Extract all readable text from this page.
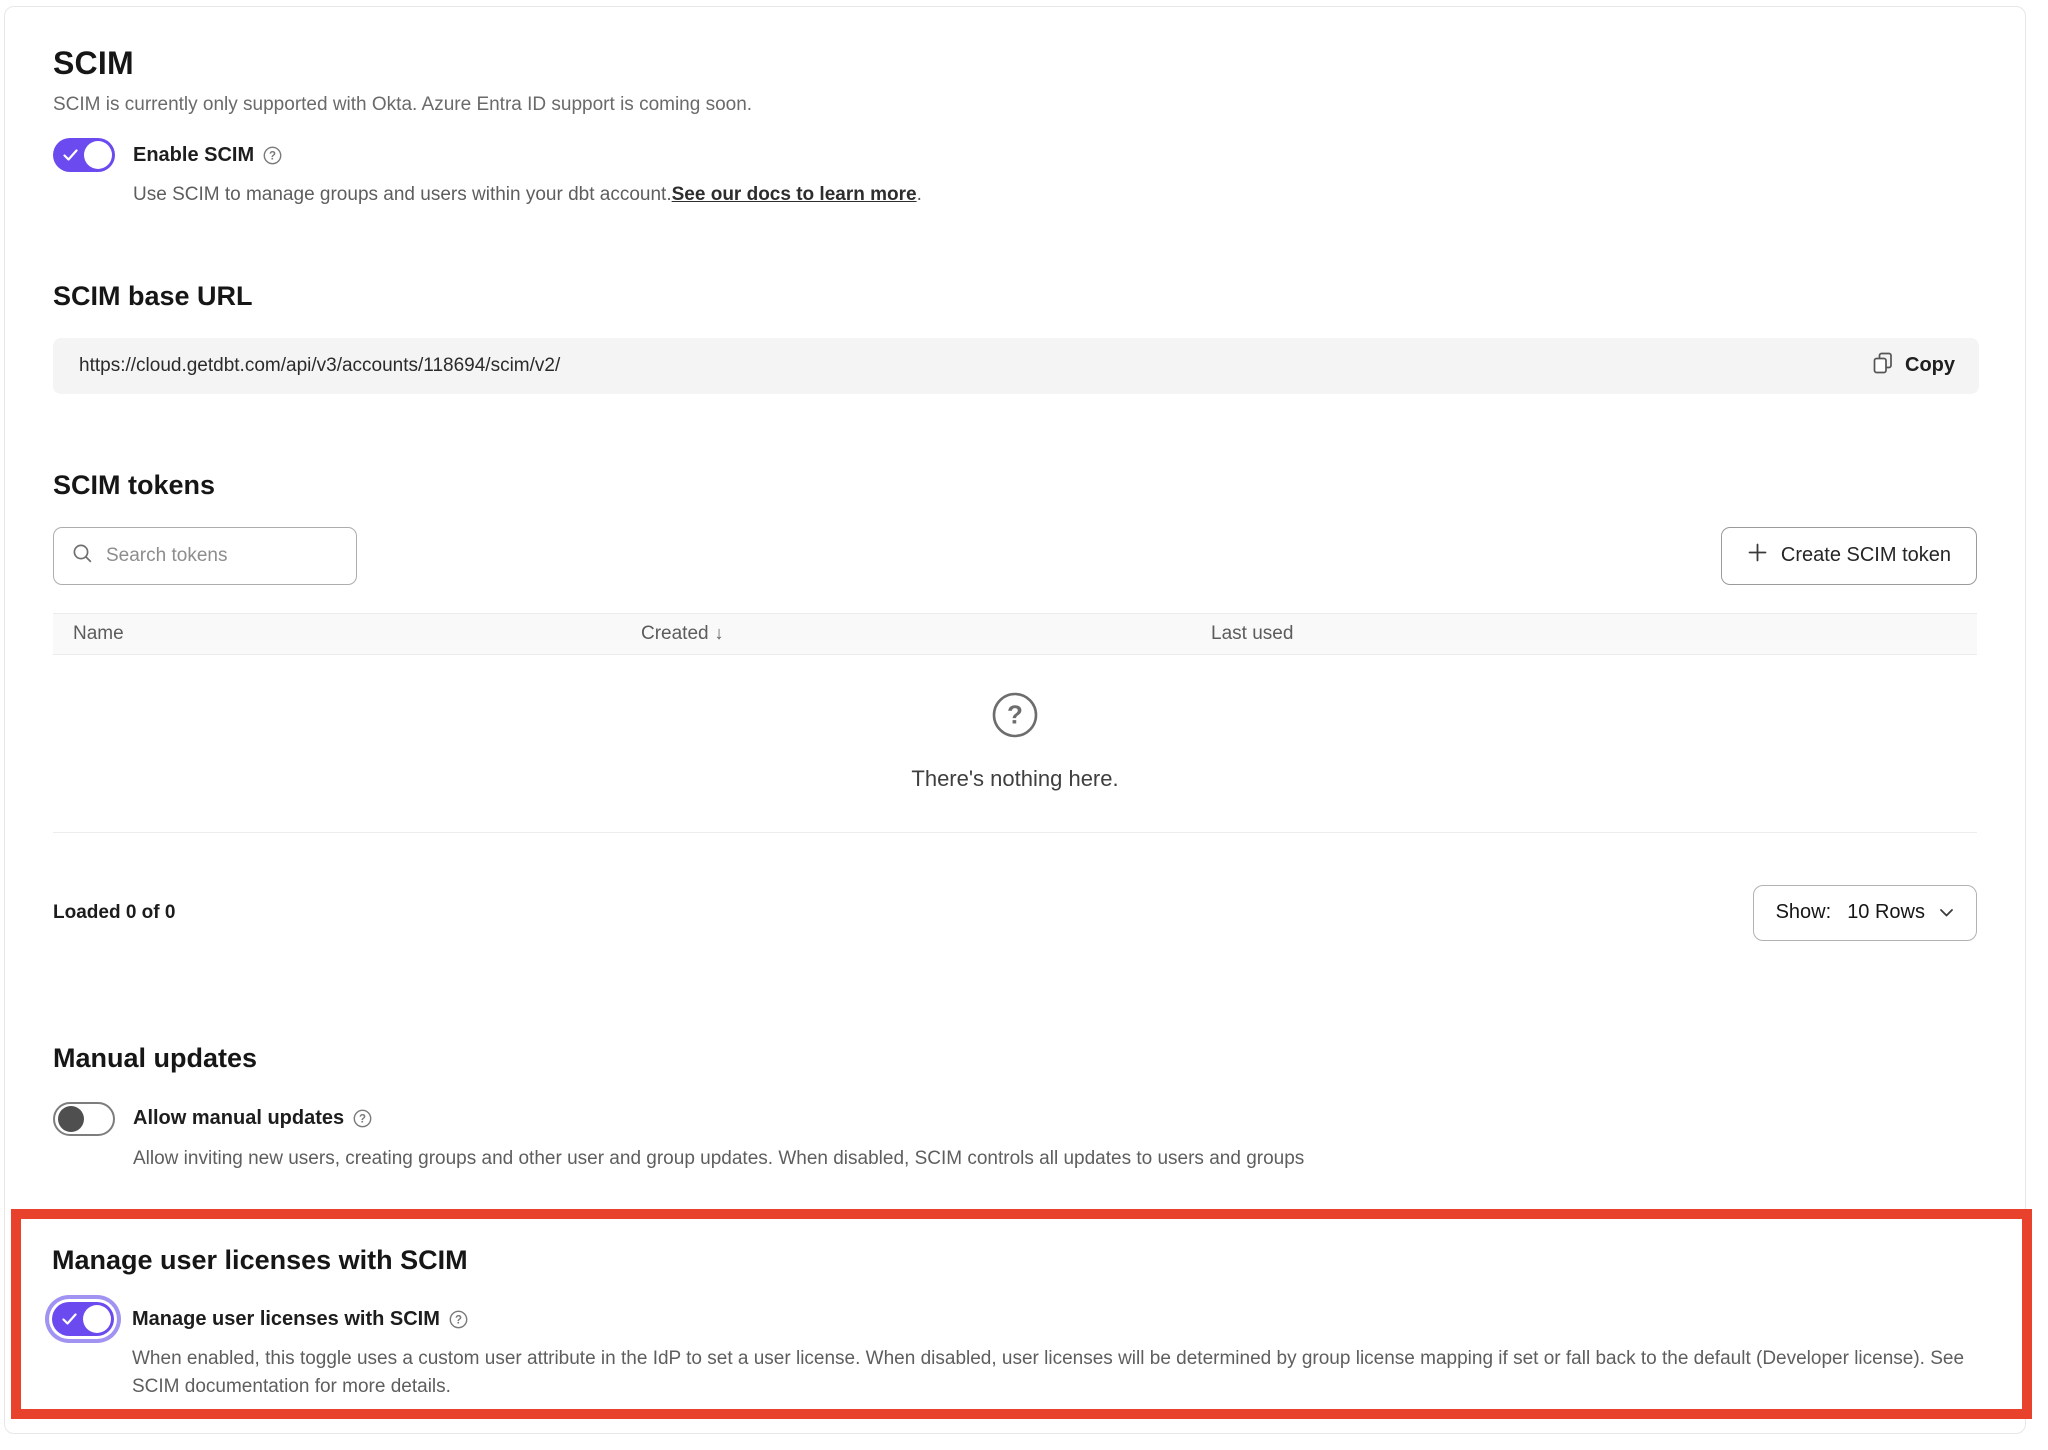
SCIM
SCIM is currently only supported with Okta. Azure Entra ID support is coming soon.
Enable SCIM ?
Use SCIM to manage groups and users within your dbt account.See our docs to learn more.
SCIM base URL
https://cloud.getdbt.com/api/v3/accounts/118694/scim/v2/	Copy
SCIM tokens
Search tokens
Create SCIM token
Name	Created ↓	Last used
?
There's nothing here.
Loaded 0 of 0	Show: 10 Rows
Manual updates
Allow manual updates ?
Allow inviting new users, creating groups and other user and group updates. When disabled, SCIM controls all updates to users and groups
Manage user licenses with SCIM
Manage user licenses with SCIM ?
When enabled, this toggle uses a custom user attribute in the IdP to set a user license. When disabled, user licenses will be determined by group license mapping if set or fall back to the default (Developer license). See SCIM documentation for more details.
